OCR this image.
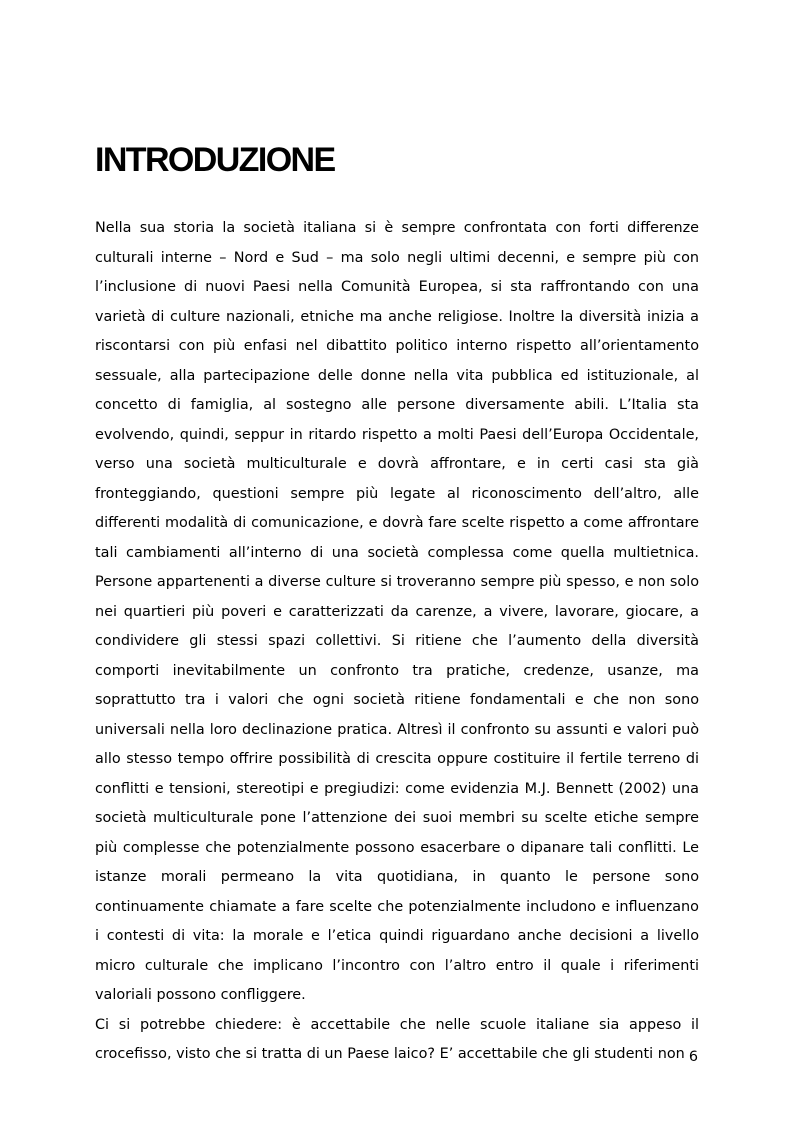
INTRODUZIONE

Nella sua storia la società italiana si è sempre confrontata con forti differenze culturali interne – Nord e Sud – ma solo negli ultimi decenni, e sempre più con l’inclusione di nuovi Paesi nella Comunità Europea, si sta raffrontando con una varietà di culture nazionali, etniche ma anche religiose. Inoltre la diversità inizia a riscontarsi con più enfasi nel dibattito politico interno rispetto all’orientamento sessuale, alla partecipazione delle donne nella vita pubblica ed istituzionale, al concetto di famiglia, al sostegno alle persone diversamente abili. L’Italia sta evolvendo, quindi, seppur in ritardo rispetto a molti Paesi dell’Europa Occidentale, verso una società multiculturale e dovrà affrontare, e in certi casi sta già fronteggiando, questioni sempre più legate al riconoscimento dell’altro, alle differenti modalità di comunicazione, e dovrà fare scelte rispetto a come affrontare tali cambiamenti all’interno di una società complessa come quella multietnica. Persone appartenenti a diverse culture si troveranno sempre più spesso, e non solo nei quartieri più poveri e caratterizzati da carenze, a vivere, lavorare, giocare, a condividere gli stessi spazi collettivi. Si ritiene che l’aumento della diversità comporti inevitabilmente un confronto tra pratiche, credenze, usanze, ma soprattutto tra i valori che ogni società ritiene fondamentali e che non sono universali nella loro declinazione pratica. Altresì il confronto su assunti e valori può allo stesso tempo offrire possibilità di crescita oppure costituire il fertile terreno di conflitti e tensioni, stereotipi e pregiudizi: come evidenzia M.J. Bennett (2002) una società multiculturale pone l’attenzione dei suoi membri su scelte etiche sempre più complesse che potenzialmente possono esacerbare o dipanare tali conflitti. Le istanze morali permeano la vita quotidiana, in quanto le persone sono continuamente chiamate a fare scelte che potenzialmente includono e influenzano i contesti di vita: la morale e l’etica quindi riguardano anche decisioni a livello micro culturale che implicano l’incontro con l’altro entro il quale i riferimenti valoriali possono confliggere.

Ci si potrebbe chiedere: è accettabile che nelle scuole italiane sia appeso il crocefisso, visto che si tratta di un Paese laico? E’ accettabile che gli studenti non 6
